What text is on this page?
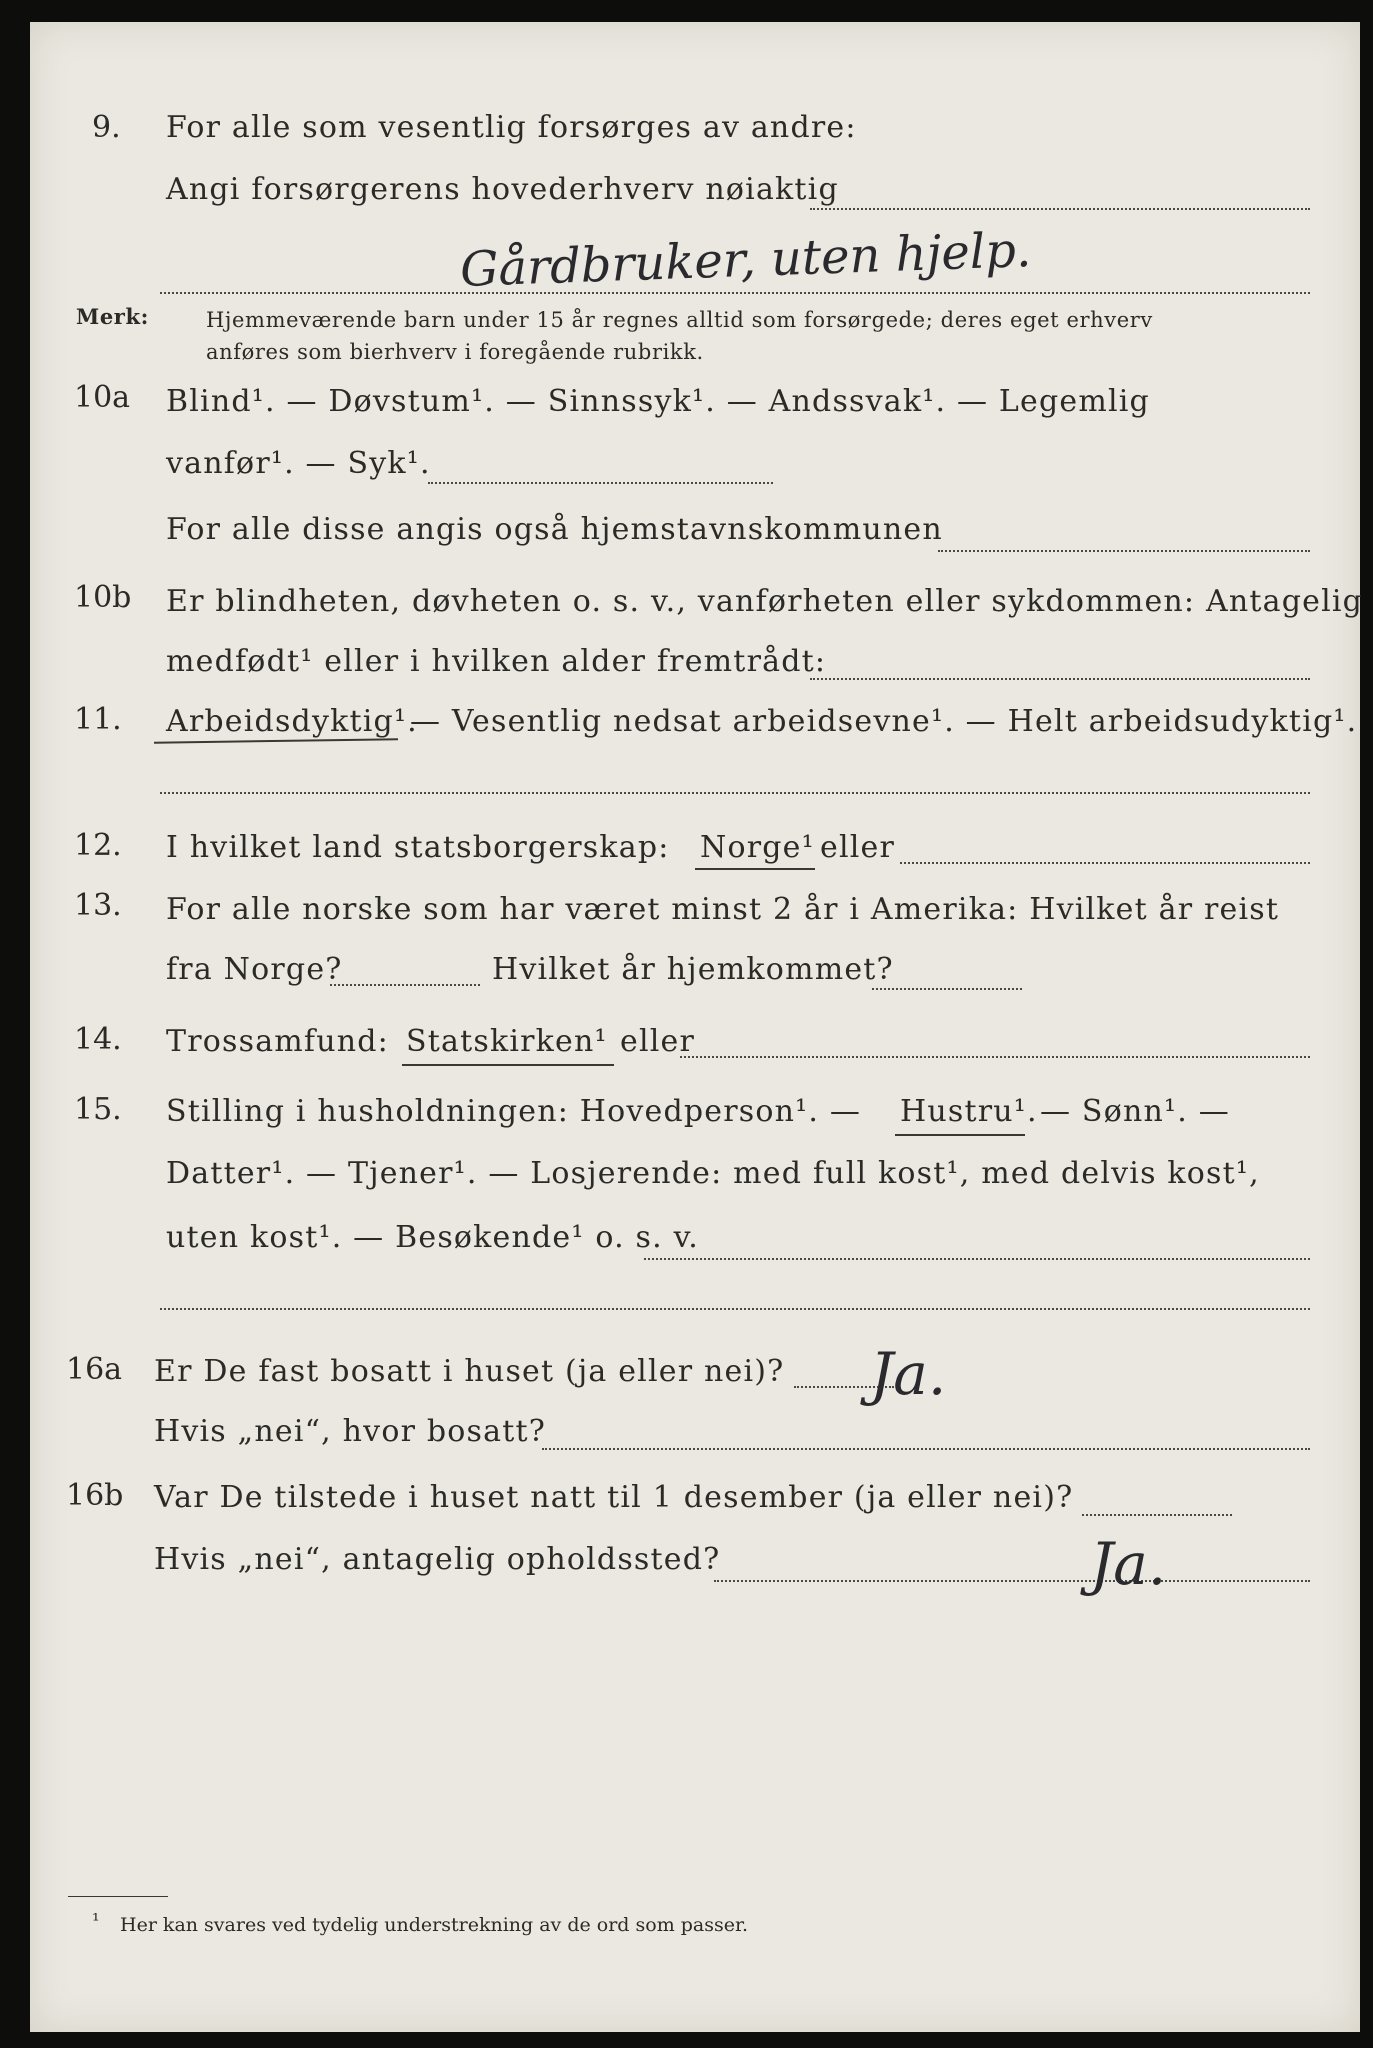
9. For alle som vesentlig forsørges av andre:
Angi forsørgerens hovederhverv nøiaktig
Gårdbruker, uten hjelp.
Merk:	Hjemmeværende barn under 15 år regnes alltid som forsørgede; deres eget erhverv
anføres som bierhverv i foregående rubrikk.
10a Blind¹. — Døvstum¹. — Sinnssyk¹. — Andssvak¹. — Legemlig
vanfør¹. — Syk¹.
For alle disse angis også hjemstavnskommunen
10b Er blindheten, døvheten o. s. v., vanførheten eller sykdommen: Antagelig
medfødt¹ eller i hvilken alder fremtrådt:
11. Arbeidsdyktig¹.
— Vesentlig nedsat arbeidsevne¹. — Helt arbeidsudyktig¹.
12. I hvilket land statsborgerskap: Norge¹ eller
13. For alle norske som har været minst 2 år i Amerika: Hvilket år reist
fra Norge?	Hvilket år hjemkommet?
14. Trossamfund: Statskirken¹ eller
15. Stilling i husholdningen: Hovedperson¹. — Hustru¹. — Sønn¹. —
Datter¹. — Tjener¹. — Losjerende: med full kost¹, med delvis kost¹,
uten kost¹. — Besøkende¹ o. s. v.
16a Er De fast bosatt i huset (ja eller nei)? Ja.
Hvis „nei“, hvor bosatt?
16b Var De tilstede i huset natt til 1 desember (ja eller nei)?
Hvis „nei“, antagelig opholdssted?	Ja.
¹ Her kan svares ved tydelig understrekning av de ord som passer.
